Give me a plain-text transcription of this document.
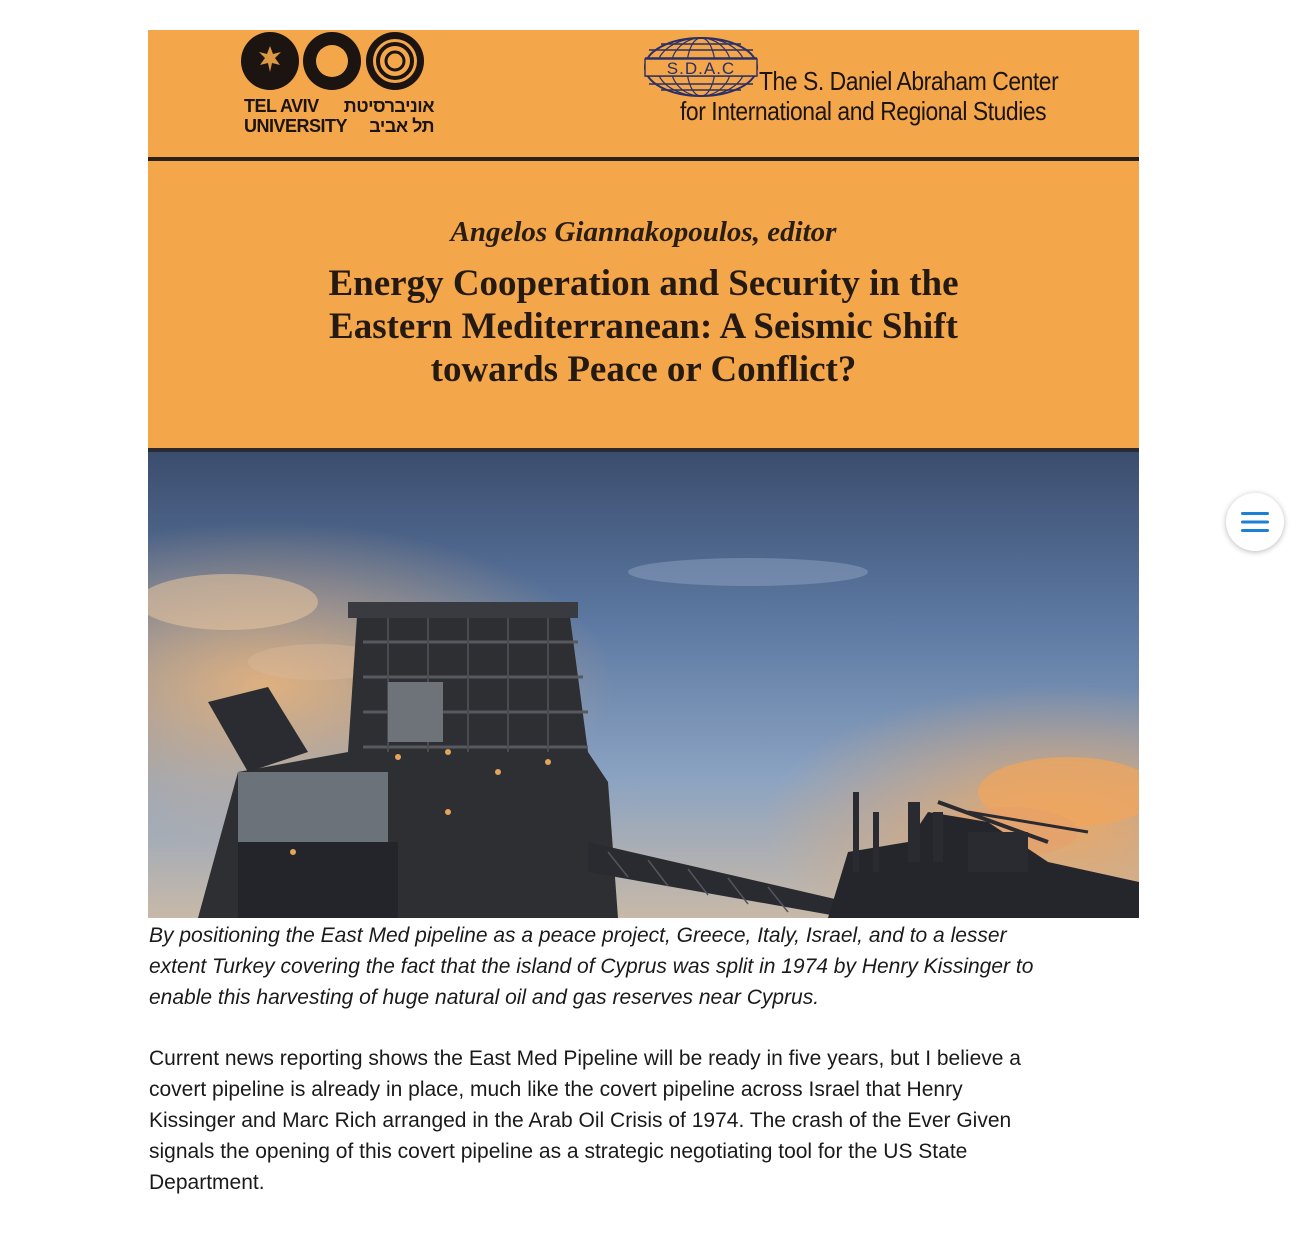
TEL AVIV אוניברסיטת
UNIVERSITY תל אביב
S.D.A.C The S. Daniel Abraham Center
for International and Regional Studies
Angelos Giannakopoulos, editor
Energy Cooperation and Security in the
Eastern Mediterranean: A Seismic Shift
towards Peace or Conflict?
By positioning the East Med pipeline as a peace project, Greece, Italy, Israel, and to a lesser
extent Turkey covering the fact that the island of Cyprus was split in 1974 by Henry Kissinger to
enable this harvesting of huge natural oil and gas reserves near Cyprus.
Current news reporting shows the East Med Pipeline will be ready in five years, but I believe a
covert pipeline is already in place, much like the covert pipeline across Israel that Henry
Kissinger and Marc Rich arranged in the Arab Oil Crisis of 1974. The crash of the Ever Given
signals the opening of this covert pipeline as a strategic negotiating tool for the US State
Department.
